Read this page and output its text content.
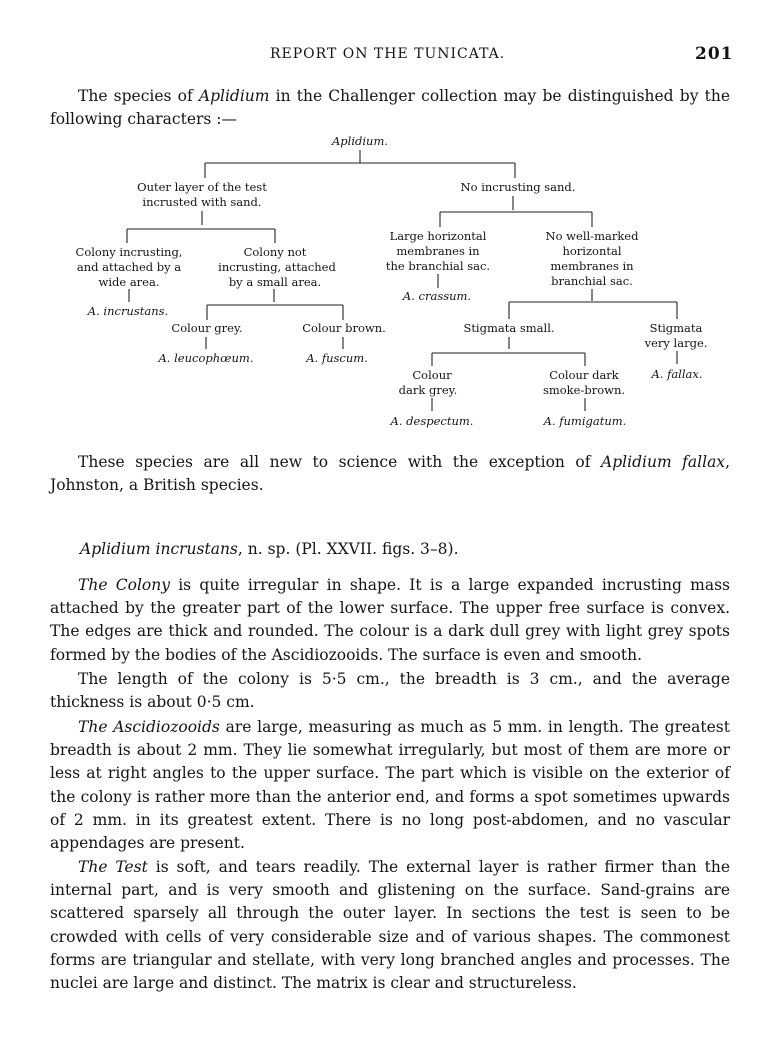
REPORT ON THE TUNICATA.	201

The species of Aplidium in the Challenger collection may be distinguished by the following characters :—

Aplidium.
Outer layer of the test
incrusted with sand.
No incrusting sand.
Colony incrusting,
and attached by a
wide area.
Colony not
incrusting, attached
by a small area.
Large horizontal
membranes in
the branchial sac.
No well-marked
horizontal
membranes in
branchial sac.
A. incrustans.
A. crassum.
Colour grey.	Colour brown.	Stigmata small.	Stigmata
very large.
A. leucophœum.	A. fuscum.
A. fallax.
Colour
dark grey.
Colour dark
smoke-brown.
A. despectum.	A. fumigatum.

These species are all new to science with the exception of Aplidium fallax, Johnston, a British species.

Aplidium incrustans, n. sp. (Pl. XXVII. figs. 3–8).

The Colony is quite irregular in shape. It is a large expanded incrusting mass attached by the greater part of the lower surface. The upper free surface is convex. The edges are thick and rounded. The colour is a dark dull grey with light grey spots formed by the bodies of the Ascidiozooids. The surface is even and smooth.

The length of the colony is 5·5 cm., the breadth is 3 cm., and the average thickness is about 0·5 cm.

The Ascidiozooids are large, measuring as much as 5 mm. in length. The greatest breadth is about 2 mm. They lie somewhat irregularly, but most of them are more or less at right angles to the upper surface. The part which is visible on the exterior of the colony is rather more than the anterior end, and forms a spot sometimes upwards of 2 mm. in its greatest extent. There is no long post-abdomen, and no vascular appendages are present.

The Test is soft, and tears readily. The external layer is rather firmer than the internal part, and is very smooth and glistening on the surface. Sand-grains are scattered sparsely all through the outer layer. In sections the test is seen to be crowded with cells of very considerable size and of various shapes. The commonest forms are triangular and stellate, with very long branched angles and processes. The nuclei are large and distinct. The matrix is clear and structureless.
